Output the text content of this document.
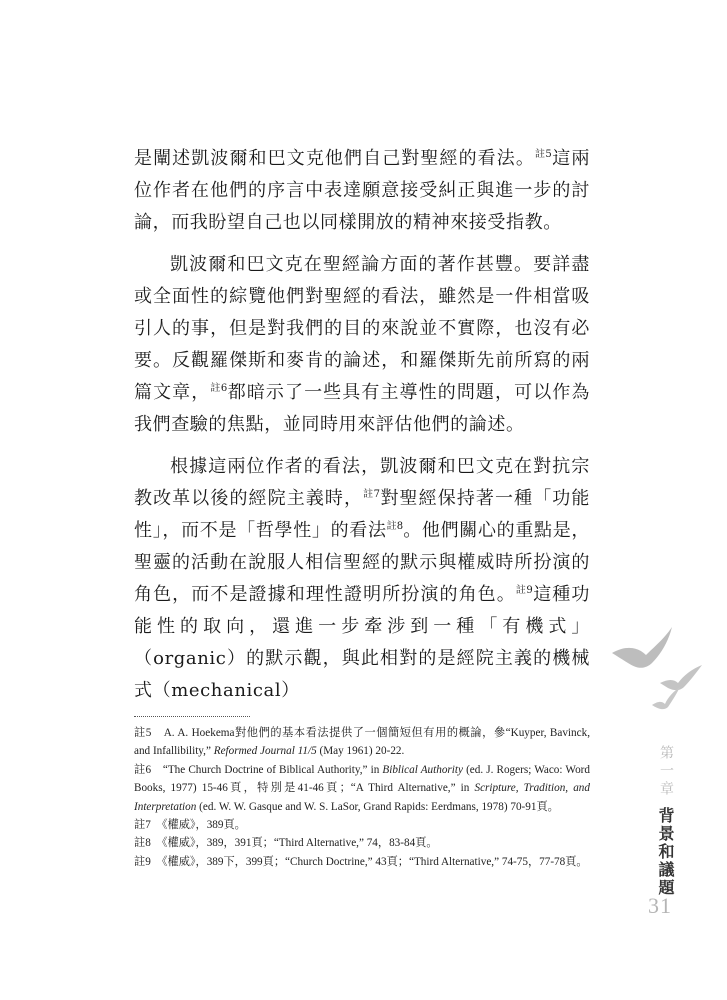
是闡述凱波爾和巴文克他們自己對聖經的看法。$^{註5}$這兩位作者在他們的序言中表達願意接受糾正與進一步的討論，而我盼望自己也以同樣開放的精神來接受指教。

凱波爾和巴文克在聖經論方面的著作甚豐。要詳盡或全面性的綜覽他們對聖經的看法，雖然是一件相當吸引人的事，但是對我們的目的來說並不實際，也沒有必要。反觀羅傑斯和麥肯的論述，和羅傑斯先前所寫的兩篇文章，$^{註6}$都暗示了一些具有主導性的問題，可以作為我們查驗的焦點，並同時用來評估他們的論述。

根據這兩位作者的看法，凱波爾和巴文克在對抗宗教改革以後的經院主義時，$^{註7}$對聖經保持著一種「功能性」，而不是「哲學性」的看法$^{註8}$。他們關心的重點是，聖靈的活動在說服人相信聖經的默示與權威時所扮演的角色，而不是證據和理性證明所扮演的角色。$^{註9}$這種功能性的取向，還進一步牽涉到一種「有機式」（organic）的默示觀，與此相對的是經院主義的機械式（mechanical）

註5　A. A. Hoekema對他們的基本看法提供了一個簡短但有用的概論，參“Kuyper, Bavinck, and Infallibility,” Reformed Journal 11/5 (May 1961) 20-22.

註6　“The Church Doctrine of Biblical Authority,” in Biblical Authority (ed. J. Rogers; Waco: Word Books, 1977) 15-46頁，特別是41-46頁；“A Third Alternative,” in Scripture, Tradition, and Interpretation (ed. W. W. Gasque and W. S. LaSor, Grand Rapids: Eerdmans, 1978) 70-91頁。

註7　《權威》，389頁。

註8　《權威》，389，391頁；“Third Alternative,” 74，83-84頁。

註9　《權威》，389下，399頁；“Church Doctrine,” 43頁；“Third Alternative,” 74-75，77-78頁。

第一章
背景和議題
31
